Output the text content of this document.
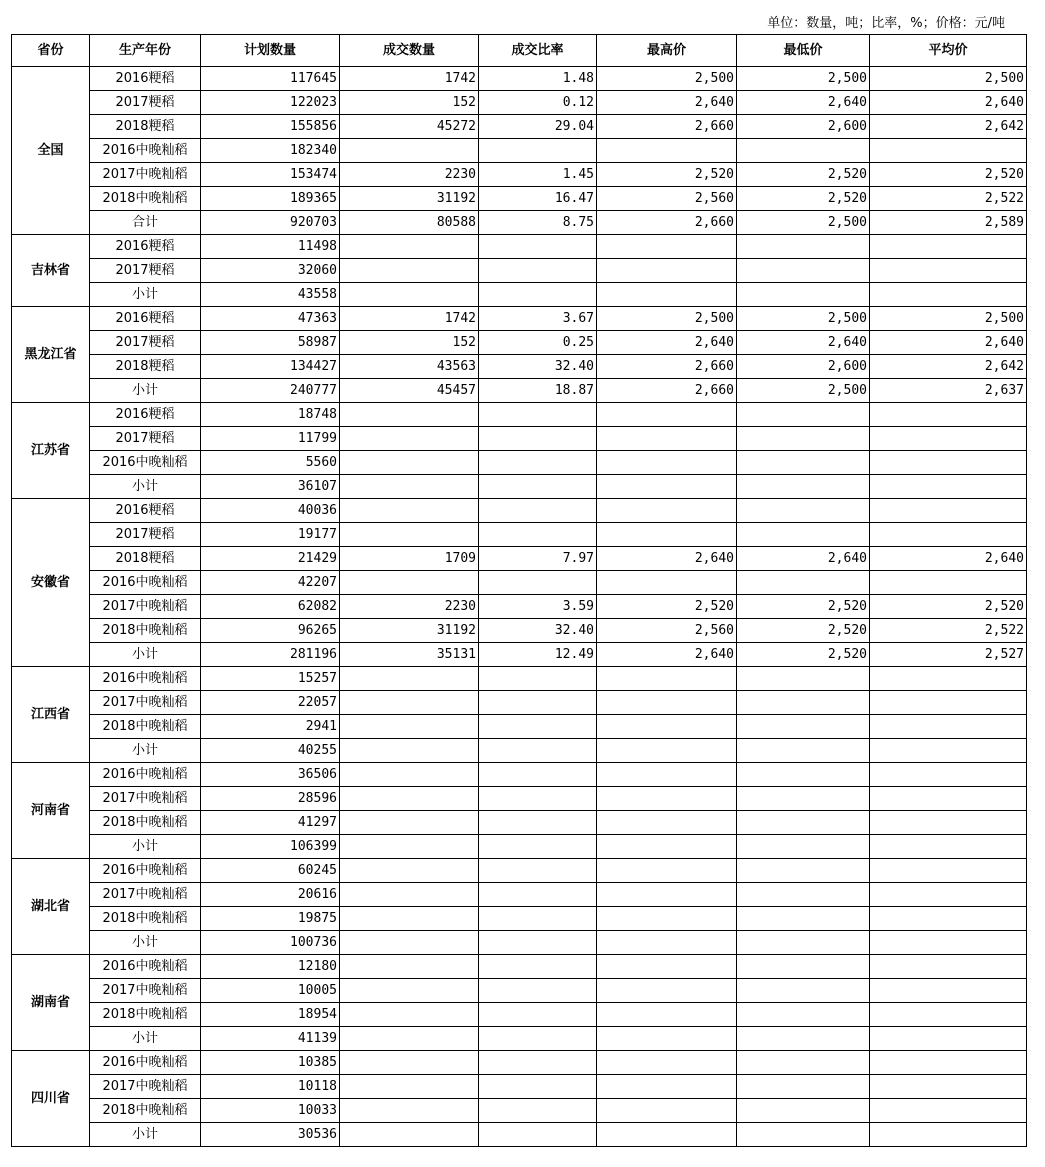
单位：数量，吨；比率，%；价格：元/吨
省份	生产年份	计划数量	成交数量	成交比率	最高价	最低价	平均价
全国	2016粳稻	117645	1742	1.48	2,500	2,500	2,500
	2017粳稻	122023	152	0.12	2,640	2,640	2,640
	2018粳稻	155856	45272	29.04	2,660	2,600	2,642
	2016中晚籼稻	182340					
	2017中晚籼稻	153474	2230	1.45	2,520	2,520	2,520
	2018中晚籼稻	189365	31192	16.47	2,560	2,520	2,522
	合计	920703	80588	8.75	2,660	2,500	2,589
吉林省	2016粳稻	11498					
	2017粳稻	32060					
	小计	43558					
黑龙江省	2016粳稻	47363	1742	3.67	2,500	2,500	2,500
	2017粳稻	58987	152	0.25	2,640	2,640	2,640
	2018粳稻	134427	43563	32.40	2,660	2,600	2,642
	小计	240777	45457	18.87	2,660	2,500	2,637
江苏省	2016粳稻	18748					
	2017粳稻	11799					
	2016中晚籼稻	5560					
	小计	36107					
安徽省	2016粳稻	40036					
	2017粳稻	19177					
	2018粳稻	21429	1709	7.97	2,640	2,640	2,640
	2016中晚籼稻	42207					
	2017中晚籼稻	62082	2230	3.59	2,520	2,520	2,520
	2018中晚籼稻	96265	31192	32.40	2,560	2,520	2,522
	小计	281196	35131	12.49	2,640	2,520	2,527
江西省	2016中晚籼稻	15257					
	2017中晚籼稻	22057					
	2018中晚籼稻	2941					
	小计	40255					
河南省	2016中晚籼稻	36506					
	2017中晚籼稻	28596					
	2018中晚籼稻	41297					
	小计	106399					
湖北省	2016中晚籼稻	60245					
	2017中晚籼稻	20616					
	2018中晚籼稻	19875					
	小计	100736					
湖南省	2016中晚籼稻	12180					
	2017中晚籼稻	10005					
	2018中晚籼稻	18954					
	小计	41139					
四川省	2016中晚籼稻	10385					
	2017中晚籼稻	10118					
	2018中晚籼稻	10033					
	小计	30536					
